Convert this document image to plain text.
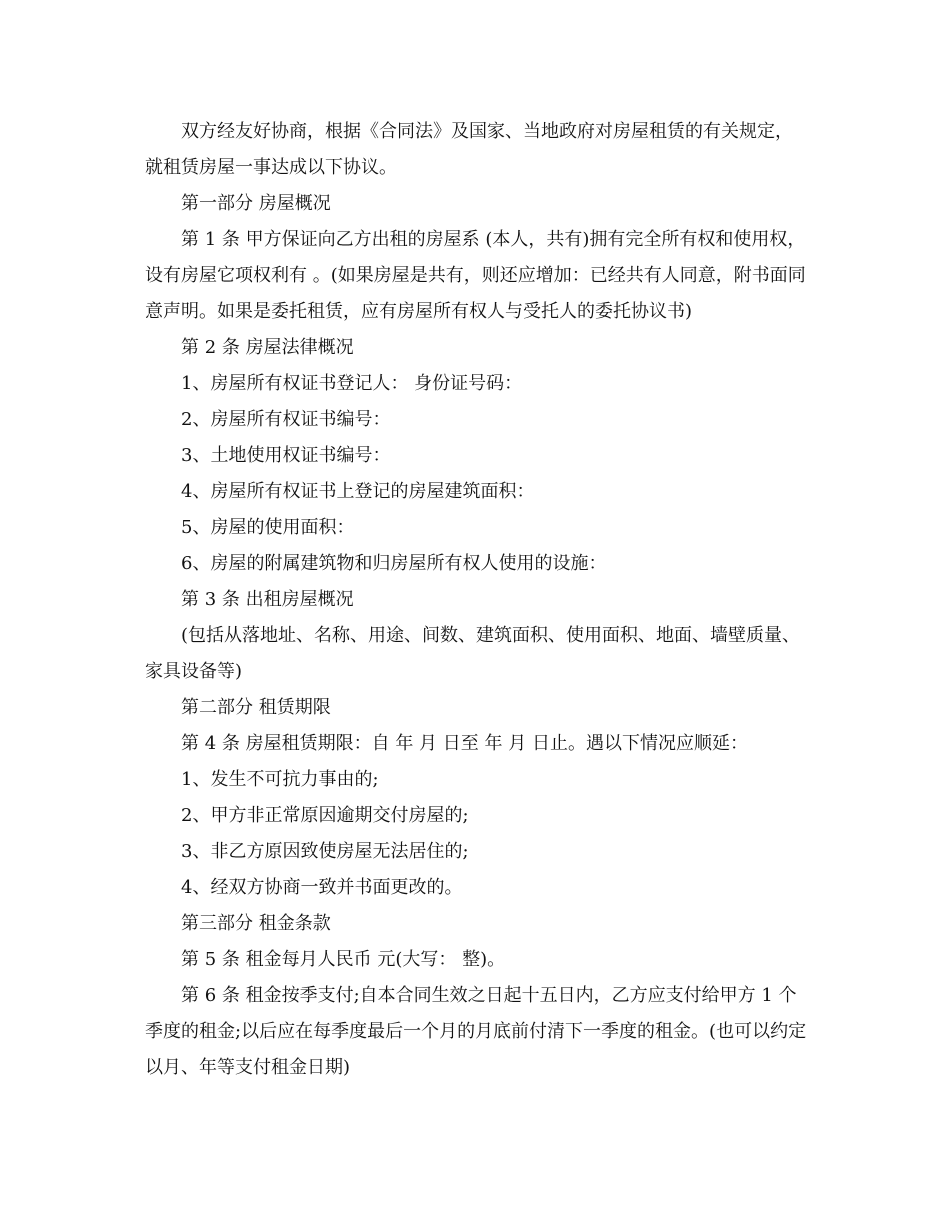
双方经友好协商，根据《合同法》及国家、当地政府对房屋租赁的有关规定，就租赁房屋一事达成以下协议。

第一部分 房屋概况

第 1 条 甲方保证向乙方出租的房屋系 (本人，共有)拥有完全所有权和使用权，设有房屋它项权利有 。(如果房屋是共有，则还应增加：已经共有人同意，附书面同意声明。如果是委托租赁，应有房屋所有权人与受托人的委托协议书)

第 2 条 房屋法律概况

1、房屋所有权证书登记人： 身份证号码：

2、房屋所有权证书编号：

3、土地使用权证书编号：

4、房屋所有权证书上登记的房屋建筑面积：

5、房屋的使用面积：

6、房屋的附属建筑物和归房屋所有权人使用的设施：

第 3 条 出租房屋概况

(包括从落地址、名称、用途、间数、建筑面积、使用面积、地面、墙壁质量、家具设备等)

第二部分 租赁期限

第 4 条 房屋租赁期限：自 年 月 日至 年 月 日止。遇以下情况应顺延：

1、发生不可抗力事由的;

2、甲方非正常原因逾期交付房屋的;

3、非乙方原因致使房屋无法居住的;

4、经双方协商一致并书面更改的。

第三部分 租金条款

第 5 条 租金每月人民币 元(大写： 整)。

第 6 条 租金按季支付;自本合同生效之日起十五日内，乙方应支付给甲方 1 个季度的租金;以后应在每季度最后一个月的月底前付清下一季度的租金。(也可以约定以月、年等支付租金日期)
